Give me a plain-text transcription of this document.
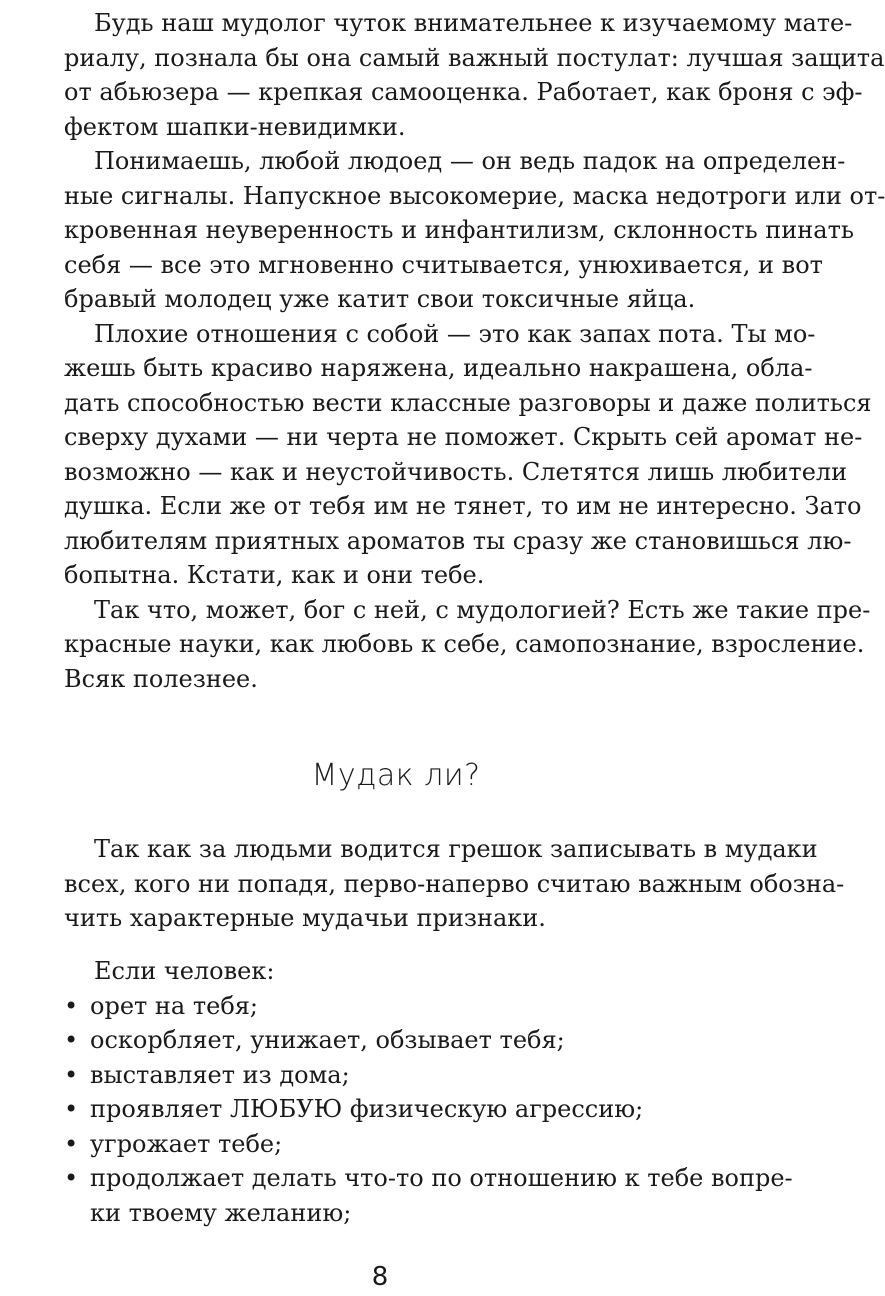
Будь наш мудолог чуток внимательнее к изучаемому мате-
риалу, познала бы она самый важный постулат: лучшая защита
от абьюзера — крепкая самооценка. Работает, как броня с эф-
фектом шапки-невидимки.

Понимаешь, любой людоед — он ведь падок на определен-
ные сигналы. Напускное высокомерие, маска недотроги или от-
кровенная неуверенность и инфантилизм, склонность пинать
себя — все это мгновенно считывается, унюхивается, и вот
бравый молодец уже катит свои токсичные яйца.

Плохие отношения с собой — это как запах пота. Ты мо-
жешь быть красиво наряжена, идеально накрашена, обла-
дать способностью вести классные разговоры и даже политься
сверху духами — ни черта не поможет. Скрыть сей аромат не-
возможно — как и неустойчивость. Слетятся лишь любители
душка. Если же от тебя им не тянет, то им не интересно. Зато
любителям приятных ароматов ты сразу же становишься лю-
бопытна. Кстати, как и они тебе.

Так что, может, бог с ней, с мудологией? Есть же такие пре-
красные науки, как любовь к себе, самопознание, взросление.
Всяк полезнее.

Мудак ли?

Так как за людьми водится грешок записывать в мудаки
всех, кого ни попадя, перво-наперво считаю важным обозна-
чить характерные мудачьи признаки.

Если человек:

• орет на тебя;
• оскорбляет, унижает, обзывает тебя;
• выставляет из дома;
• проявляет ЛЮБУЮ физическую агрессию;
• угрожает тебе;
• продолжает делать что-то по отношению к тебе вопре-
ки твоему желанию;
8
